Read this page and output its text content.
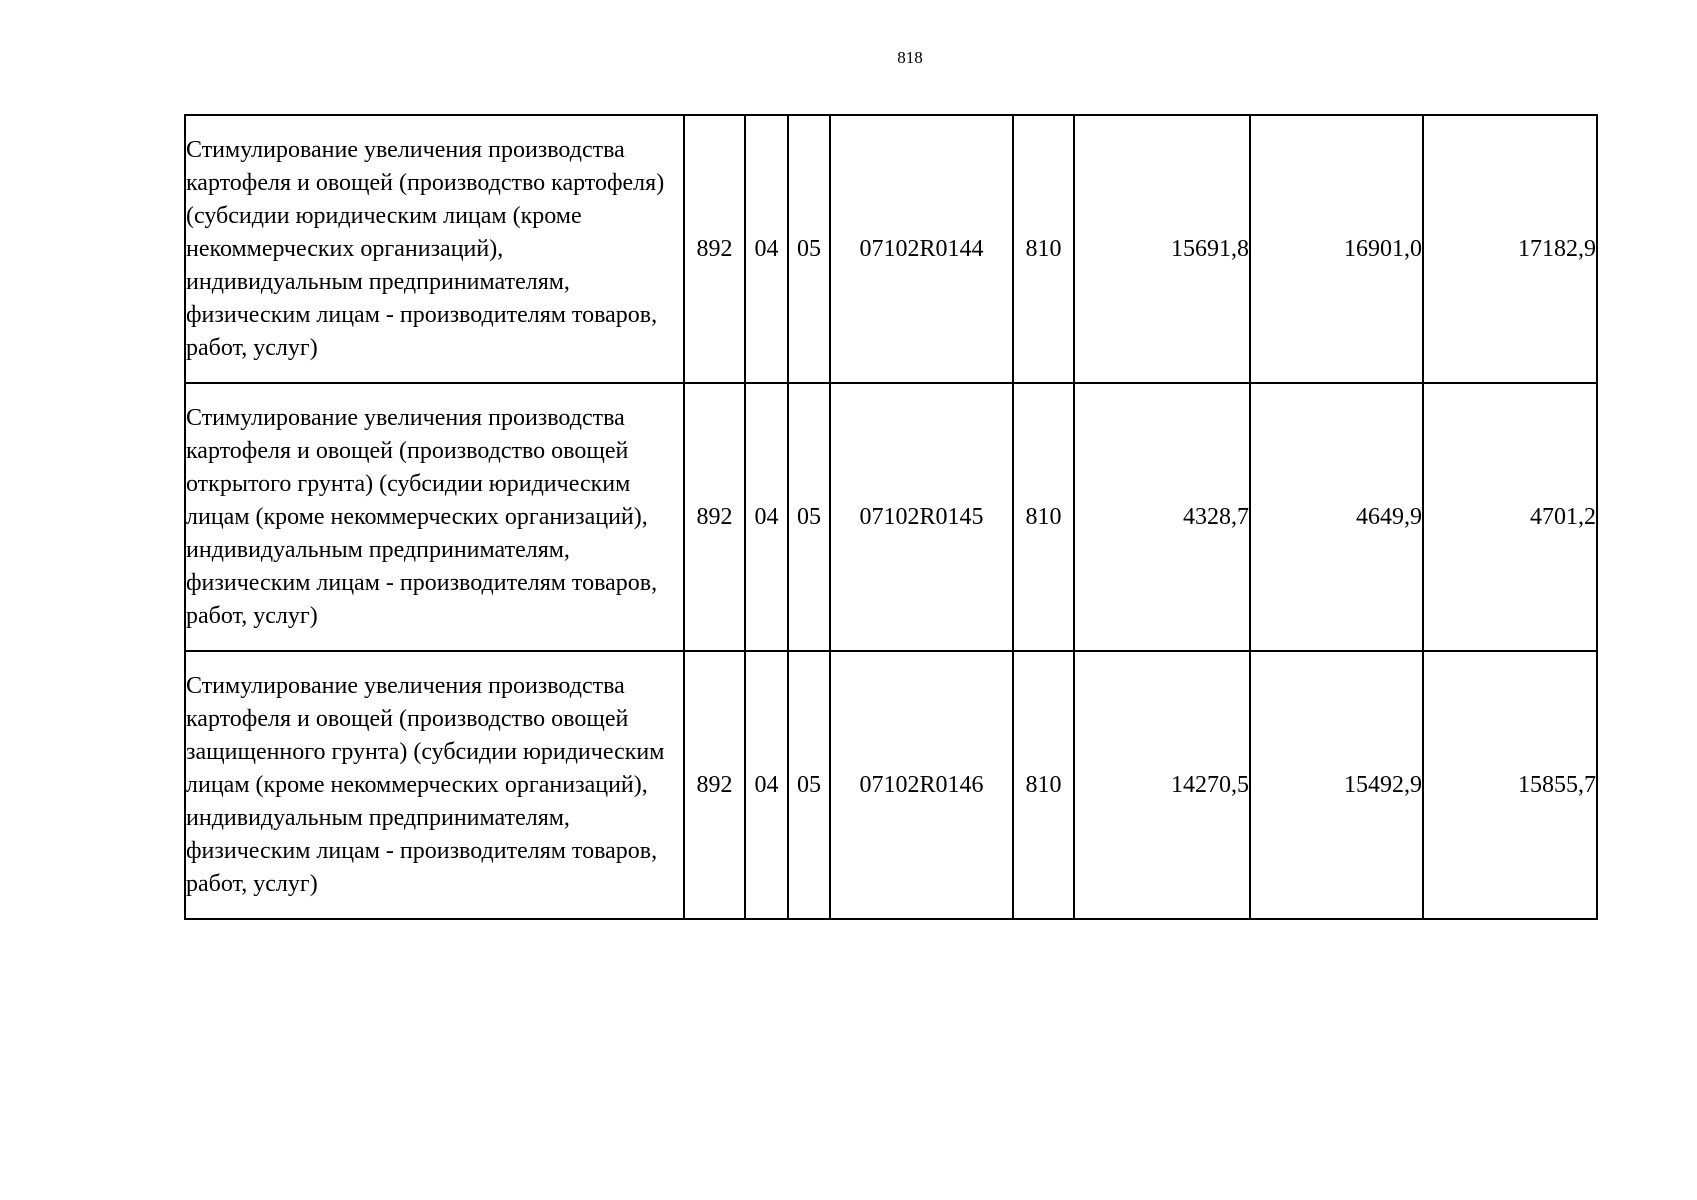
818
Стимулирование увеличения производства картофеля и овощей (производство картофеля) (субсидии юридическим лицам (кроме некоммерческих организаций), индивидуальным предпринимателям, физическим лицам - производителям товаров, работ, услуг)	892	04	05	07102R0144	810	15691,8	16901,0	17182,9
Стимулирование увеличения производства картофеля и овощей (производство овощей открытого грунта) (субсидии юридическим лицам (кроме некоммерческих организаций), индивидуальным предпринимателям, физическим лицам - производителям товаров, работ, услуг)	892	04	05	07102R0145	810	4328,7	4649,9	4701,2
Стимулирование увеличения производства картофеля и овощей (производство овощей защищенного грунта) (субсидии юридическим лицам (кроме некоммерческих организаций), индивидуальным предпринимателям, физическим лицам - производителям товаров, работ, услуг)	892	04	05	07102R0146	810	14270,5	15492,9	15855,7
